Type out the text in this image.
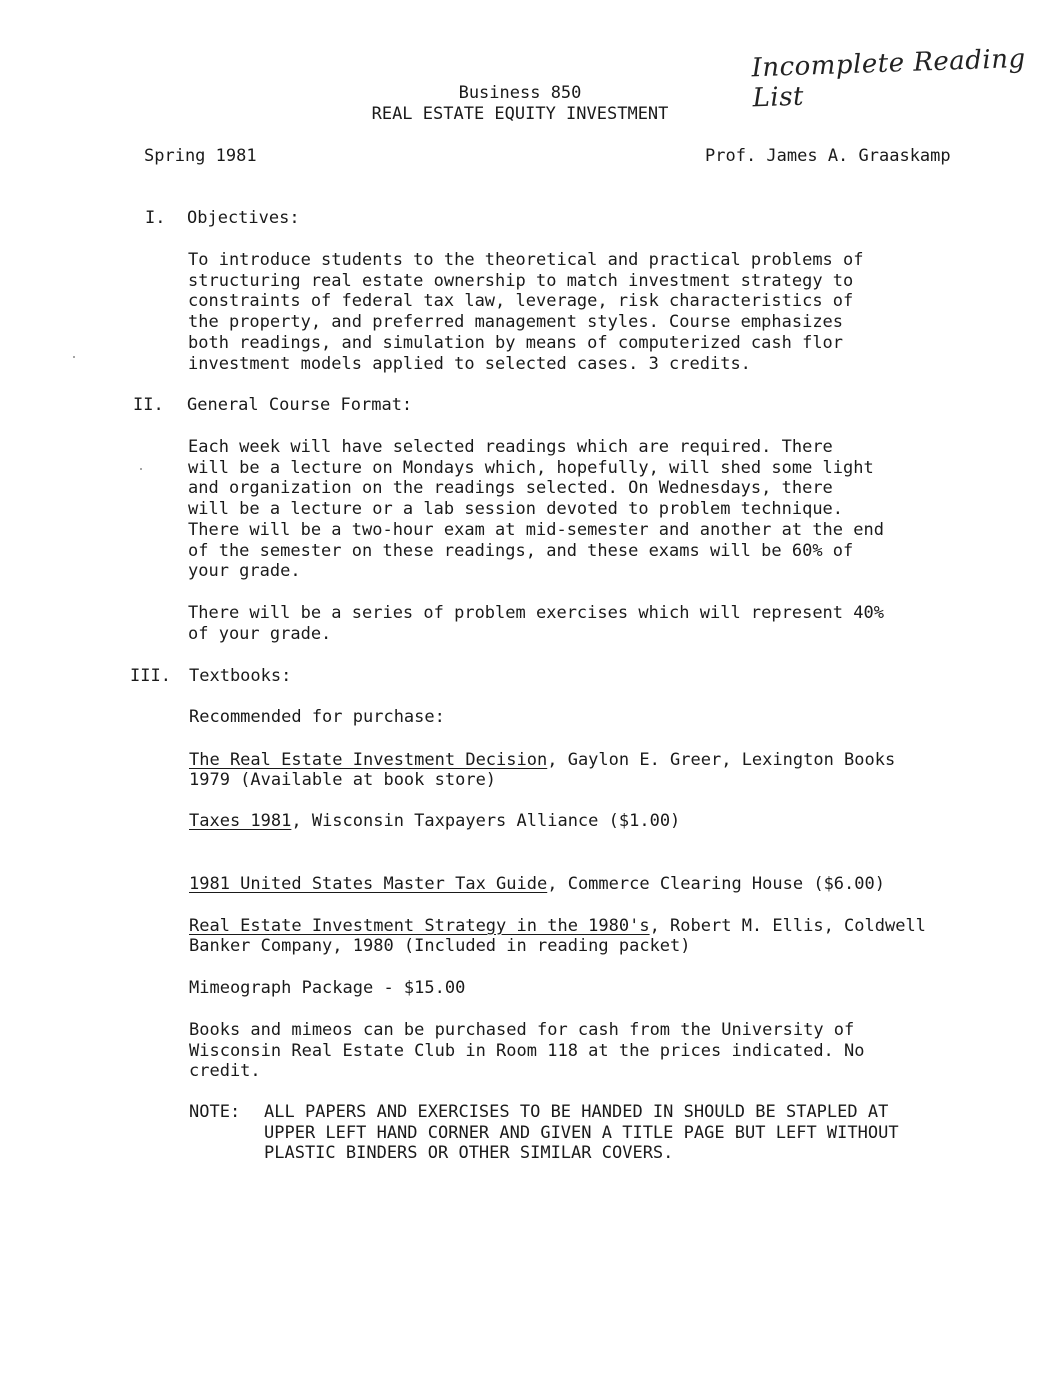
Incomplete Reading List
Business 850
REAL ESTATE EQUITY INVESTMENT
Spring 1981	Prof. James A. Graaskamp
I. Objectives:
To introduce students to the theoretical and practical problems of
structuring real estate ownership to match investment strategy to
constraints of federal tax law, leverage, risk characteristics of
the property, and preferred management styles. Course emphasizes
both readings, and simulation by means of computerized cash flor
investment models applied to selected cases. 3 credits.
II. General Course Format:
Each week will have selected readings which are required. There
will be a lecture on Mondays which, hopefully, will shed some light
and organization on the readings selected. On Wednesdays, there
will be a lecture or a lab session devoted to problem technique.
There will be a two-hour exam at mid-semester and another at the end
of the semester on these readings, and these exams will be 60% of
your grade.
There will be a series of problem exercises which will represent 40%
of your grade.
III. Textbooks:
Recommended for purchase:
The Real Estate Investment Decision, Gaylon E. Greer, Lexington Books
1979 (Available at book store)
Taxes 1981, Wisconsin Taxpayers Alliance ($1.00)
1981 United States Master Tax Guide, Commerce Clearing House ($6.00)
Real Estate Investment Strategy in the 1980's, Robert M. Ellis, Coldwell
Banker Company, 1980 (Included in reading packet)
Mimeograph Package - $15.00
Books and mimeos can be purchased for cash from the University of
Wisconsin Real Estate Club in Room 118 at the prices indicated. No
credit.
NOTE: ALL PAPERS AND EXERCISES TO BE HANDED IN SHOULD BE STAPLED AT
UPPER LEFT HAND CORNER AND GIVEN A TITLE PAGE BUT LEFT WITHOUT
PLASTIC BINDERS OR OTHER SIMILAR COVERS.
